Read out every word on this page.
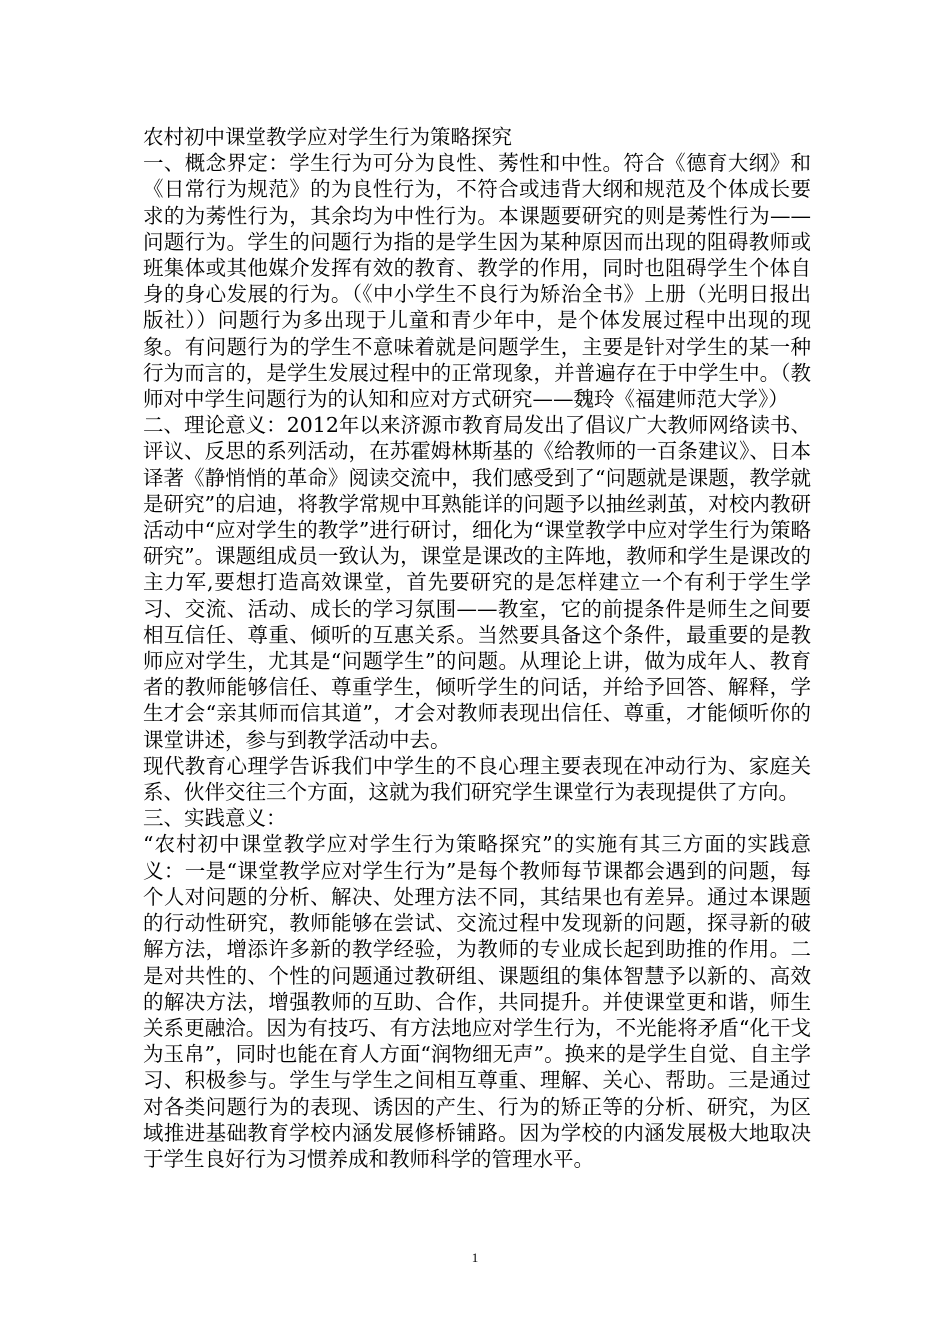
农村初中课堂教学应对学生行为策略探究

一、概念界定：学生行为可分为良性、莠性和中性。符合《德育大纲》和《日常行为规范》的为良性行为，不符合或违背大纲和规范及个体成长要求的为莠性行为，其余均为中性行为。本课题要研究的则是莠性行为——问题行为。学生的问题行为指的是学生因为某种原因而出现的阻碍教师或班集体或其他媒介发挥有效的教育、教学的作用，同时也阻碍学生个体自身的身心发展的行为。（《中小学生不良行为矫治全书》上册（光明日报出版社））问题行为多出现于儿童和青少年中，是个体发展过程中出现的现象。有问题行为的学生不意味着就是问题学生，主要是针对学生的某一种行为而言的，是学生发展过程中的正常现象，并普遍存在于中学生中。（教师对中学生问题行为的认知和应对方式研究——魏玲《福建师范大学》）

二、理论意义：2012年以来济源市教育局发出了倡议广大教师网络读书、评议、反思的系列活动，在苏霍姆林斯基的《给教师的一百条建议》、日本译著《静悄悄的革命》阅读交流中，我们感受到了“问题就是课题，教学就是研究”的启迪，将教学常规中耳熟能详的问题予以抽丝剥茧，对校内教研活动中“应对学生的教学”进行研讨，细化为“课堂教学中应对学生行为策略研究”。课题组成员一致认为，课堂是课改的主阵地，教师和学生是课改的主力军,要想打造高效课堂，首先要研究的是怎样建立一个有利于学生学习、交流、活动、成长的学习氛围——教室，它的前提条件是师生之间要相互信任、尊重、倾听的互惠关系。当然要具备这个条件，最重要的是教师应对学生，尤其是“问题学生”的问题。从理论上讲，做为成年人、教育者的教师能够信任、尊重学生，倾听学生的问话，并给予回答、解释，学生才会“亲其师而信其道”，才会对教师表现出信任、尊重，才能倾听你的课堂讲述，参与到教学活动中去。

现代教育心理学告诉我们中学生的不良心理主要表现在冲动行为、家庭关系、伙伴交往三个方面，这就为我们研究学生课堂行为表现提供了方向。

三、实践意义：

“农村初中课堂教学应对学生行为策略探究”的实施有其三方面的实践意义：一是“课堂教学应对学生行为”是每个教师每节课都会遇到的问题，每个人对问题的分析、解决、处理方法不同，其结果也有差异。通过本课题的行动性研究，教师能够在尝试、交流过程中发现新的问题，探寻新的破解方法，增添许多新的教学经验，为教师的专业成长起到助推的作用。二是对共性的、个性的问题通过教研组、课题组的集体智慧予以新的、高效的解决方法，增强教师的互助、合作，共同提升。并使课堂更和谐，师生关系更融洽。因为有技巧、有方法地应对学生行为，不光能将矛盾“化干戈为玉帛”，同时也能在育人方面“润物细无声”。换来的是学生自觉、自主学习、积极参与。学生与学生之间相互尊重、理解、关心、帮助。三是通过对各类问题行为的表现、诱因的产生、行为的矫正等的分析、研究，为区域推进基础教育学校内涵发展修桥铺路。因为学校的内涵发展极大地取决于学生良好行为习惯养成和教师科学的管理水平。

1
